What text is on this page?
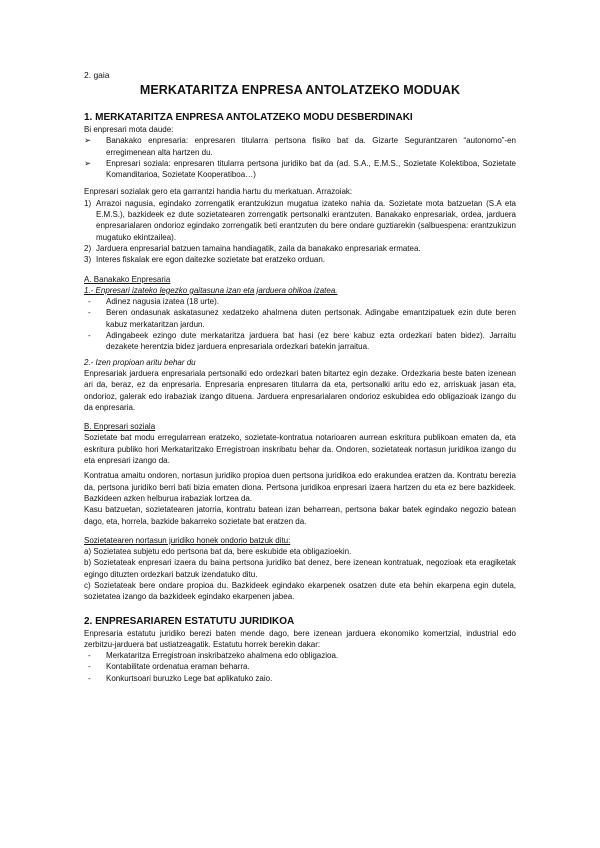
2. gaia

MERKATARITZA ENPRESA ANTOLATZEKO MODUAK

1. MERKATARITZA ENPRESA ANTOLATZEKO MODU DESBERDINAKI

Bi enpresari mota daude:

➢	Banakako enpresaria: enpresaren titularra pertsona fisiko bat da. Gizarte Segurantzaren “autonomo”-en erregimenean alta hartzen du.

➢	Enpresari soziala: enpresaren titularra pertsona juridiko bat da (ad. S.A., E.M.S., Sozietate Kolektiboa, Sozietate Komanditarioa, Sozietate Kooperatiboa…)

Enpresari sozialak gero eta garrantzi handia hartu du merkatuan. Arrazoiak:

1) Arrazoi nagusia, egindako zorrengatik erantzukizun mugatua izateko nahia da. Sozietate mota batzuetan (S.A eta E.M.S.), bazkideek ez dute sozietatearen zorrengatik pertsonalki erantzuten. Banakako enpresariak, ordea, jarduera enpresarialaren ondorioz egindako zorrengatik beti erantzuten du bere ondare guztiarekin (salbuespena: erantzukizun mugatuko ekintzailea).

2) Jarduera enpresarial batzuen tamaina handiagatik, zaila da banakako enpresariak ermatea.

3) Interes fiskalak ere egon daitezke sozietate bat eratzeko orduan.

A. Banakako Enpresaria

1.- Enpresari izateko legezko gaitasuna izan eta jarduera ohikoa izatea.

-	Adinez nagusia izatea (18 urte).

-	Beren ondasunak askatasunez xedatzeko ahalmena duten pertsonak. Adingabe emantzipatuek ezin dute beren kabuz merkataritzan jardun.

-	Adingabeek ezingo dute merkataritza jarduera bat hasi (ez bere kabuz ezta ordezkari baten bidez). Jarraitu dezakete herentzia bidez jarduera enpresariala ordezkari batekin jarraitua.

2.- Izen propioan aritu behar du

Enpresariak jarduera enpresariala pertsonalki edo ordezkari baten bitartez egin dezake. Ordezkaria beste baten izenean ari da, beraz, ez da enpresaria. Enpresaria enpresaren titularra da eta, pertsonalki aritu edo ez, arriskuak jasan eta, ondorioz, galerak edo irabaziak izango dituena. Jarduera enpresarialaren ondorioz eskubidea edo obligazioak izango du da enpresaria.

B. Enpresari soziala

Sozietate bat modu erregularrean eratzeko, sozietate-kontratua notarioaren aurrean eskritura publikoan ematen da, eta eskritura publiko hori Merkataritzako Erregistroan inskribatu behar da. Ondoren, sozietateak nortasun juridikoa izango du eta enpresari izango da.

Kontratua amaitu ondoren, nortasun juridiko propioa duen pertsona juridikoa edo erakundea eratzen da. Kontratu berezia da, pertsona juridiko berri bati bizia ematen diona. Pertsona juridikoa enpresari izaera hartzen du eta ez bere bazkideek. Bazkideen azken helburua irabaziak lortzea da.

Kasu batzuetan, sozietatearen jatorria, kontratu batean izan beharrean, pertsona bakar batek egindako negozio batean dago, eta, horrela, bazkide bakarreko sozietate bat eratzen da.

Sozietatearen nortasun juridiko honek ondorio batzuk ditu:

a) Sozietatea subjetu edo pertsona bat da, bere eskubide eta obligazioekin.

b) Sozietateak enpresari izaera du baina pertsona juridiko bat denez, bere izenean kontratuak, negozioak eta eragiketak egingo dituzten ordezkari batzuk izendatuko ditu.

c) Sozietateak bere ondare propioa du. Bazkideek egindako ekarpenek osatzen dute eta behin ekarpena egin dutela, sozietatea izango da bazkideek egindako ekarpenen jabea.

2. ENPRESARIAREN ESTATUTU JURIDIKOA

Enpresaria estatutu juridiko berezi baten mende dago, bere izenean jarduera ekonomiko komertzial, industrial edo zerbitzu-jarduera bat ustiatzeagatik. Estatutu horrek berekin dakar:

-	Merkataritza Erregistroan inskribatzeko ahalmena edo obligazioa.

-	Kontabilitate ordenatua eraman beharra.

-	Konkurtsoari buruzko Lege bat aplikatuko zaio.
